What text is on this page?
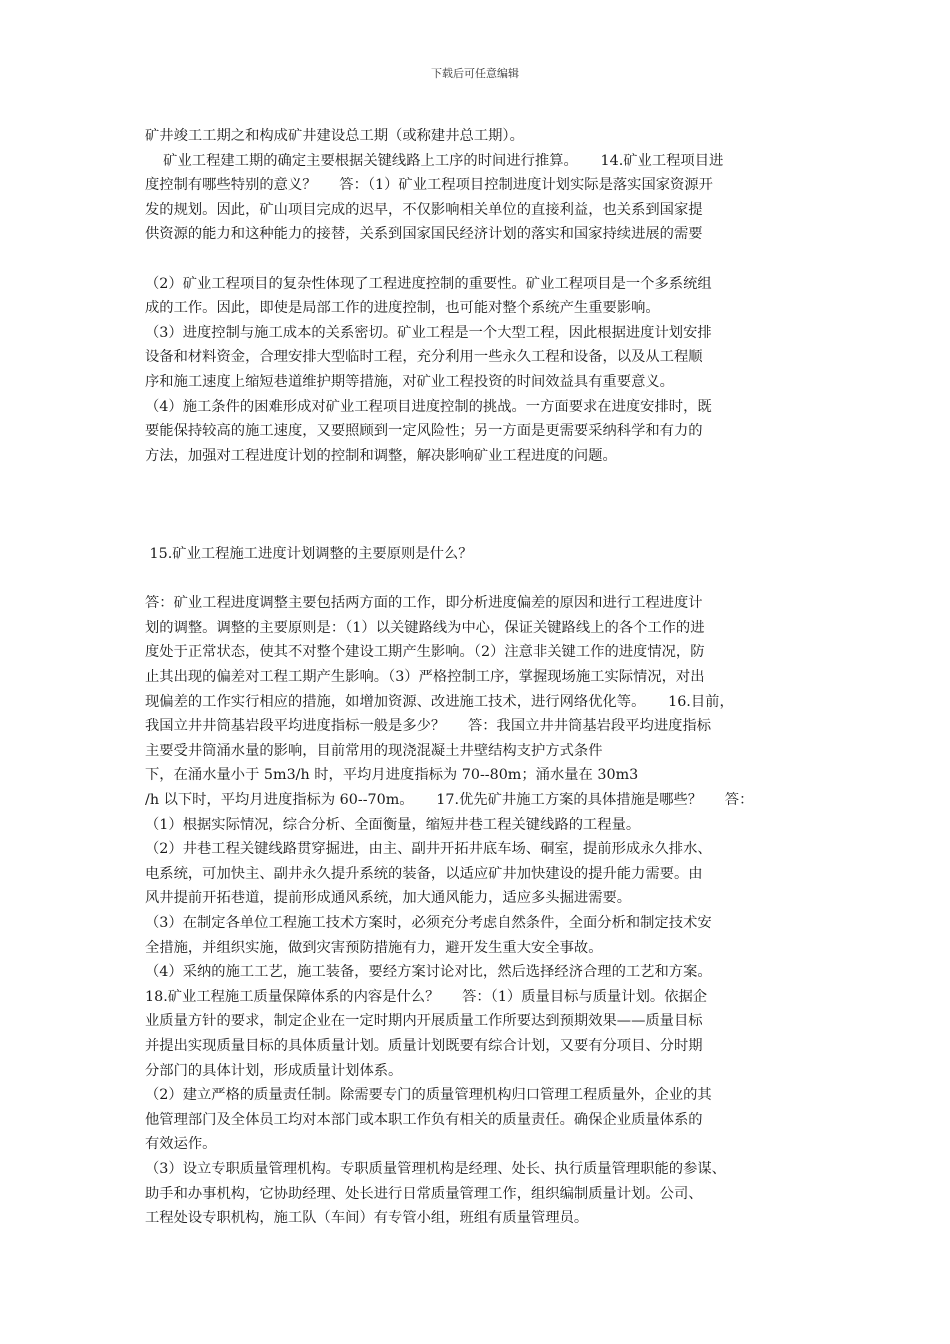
下载后可任意编辑
矿井竣工工期之和构成矿井建设总工期（或称建井总工期）。
矿业工程建工期的确定主要根据关键线路上工序的时间进行推算。     14.矿业工程项目进
度控制有哪些特别的意义？     答：（1）矿业工程项目控制进度计划实际是落实国家资源开
发的规划。因此，矿山项目完成的迟早，不仅影响相关单位的直接利益，也关系到国家提
供资源的能力和这种能力的接替，关系到国家国民经济计划的落实和国家持续进展的需要
（2）矿业工程项目的复杂性体现了工程进度控制的重要性。矿业工程项目是一个多系统组
成的工作。因此，即使是局部工作的进度控制，也可能对整个系统产生重要影响。
（3）进度控制与施工成本的关系密切。矿业工程是一个大型工程，因此根据进度计划安排
设备和材料资金，合理安排大型临时工程，充分利用一些永久工程和设备，以及从工程顺
序和施工速度上缩短巷道维护期等措施，对矿业工程投资的时间效益具有重要意义。
（4）施工条件的困难形成对矿业工程项目进度控制的挑战。一方面要求在进度安排时，既
要能保持较高的施工速度，又要照顾到一定风险性；另一方面是更需要采纳科学和有力的
方法，加强对工程进度计划的控制和调整，解决影响矿业工程进度的问题。
15.矿业工程施工进度计划调整的主要原则是什么？
答：矿业工程进度调整主要包括两方面的工作，即分析进度偏差的原因和进行工程进度计
划的调整。调整的主要原则是：（1）以关键路线为中心，保证关键路线上的各个工作的进
度处于正常状态，使其不对整个建设工期产生影响。（2）注意非关键工作的进度情况，防
止其出现的偏差对工程工期产生影响。（3）严格控制工序，掌握现场施工实际情况，对出
现偏差的工作实行相应的措施，如增加资源、改进施工技术，进行网络优化等。     16.目前，
我国立井井筒基岩段平均进度指标一般是多少？     答：我国立井井筒基岩段平均进度指标
主要受井筒涌水量的影响，目前常用的现浇混凝土井壁结构支护方式条件
下，在涌水量小于 5m3/h 时，平均月进度指标为 70--80m；涌水量在 30m3
/h 以下时，平均月进度指标为 60--70m。     17.优先矿井施工方案的具体措施是哪些？     答：
（1）根据实际情况，综合分析、全面衡量，缩短井巷工程关键线路的工程量。
（2）井巷工程关键线路贯穿掘进，由主、副井开拓井底车场、硐室，提前形成永久排水、
电系统，可加快主、副井永久提升系统的装备，以适应矿井加快建设的提升能力需要。由
风井提前开拓巷道，提前形成通风系统，加大通风能力，适应多头掘进需要。
（3）在制定各单位工程施工技术方案时，必须充分考虑自然条件，全面分析和制定技术安
全措施，并组织实施，做到灾害预防措施有力，避开发生重大安全事故。
（4）采纳的施工工艺，施工装备，要经方案讨论对比，然后选择经济合理的工艺和方案。
18.矿业工程施工质量保障体系的内容是什么？     答：（1）质量目标与质量计划。依据企
业质量方针的要求，制定企业在一定时期内开展质量工作所要达到预期效果——质量目标
并提出实现质量目标的具体质量计划。质量计划既要有综合计划，又要有分项目、分时期
分部门的具体计划，形成质量计划体系。
（2）建立严格的质量责任制。除需要专门的质量管理机构归口管理工程质量外，企业的其
他管理部门及全体员工均对本部门或本职工作负有相关的质量责任。确保企业质量体系的
有效运作。
（3）设立专职质量管理机构。专职质量管理机构是经理、处长、执行质量管理职能的参谋、
助手和办事机构，它协助经理、处长进行日常质量管理工作，组织编制质量计划。公司、
工程处设专职机构，施工队（车间）有专管小组，班组有质量管理员。
